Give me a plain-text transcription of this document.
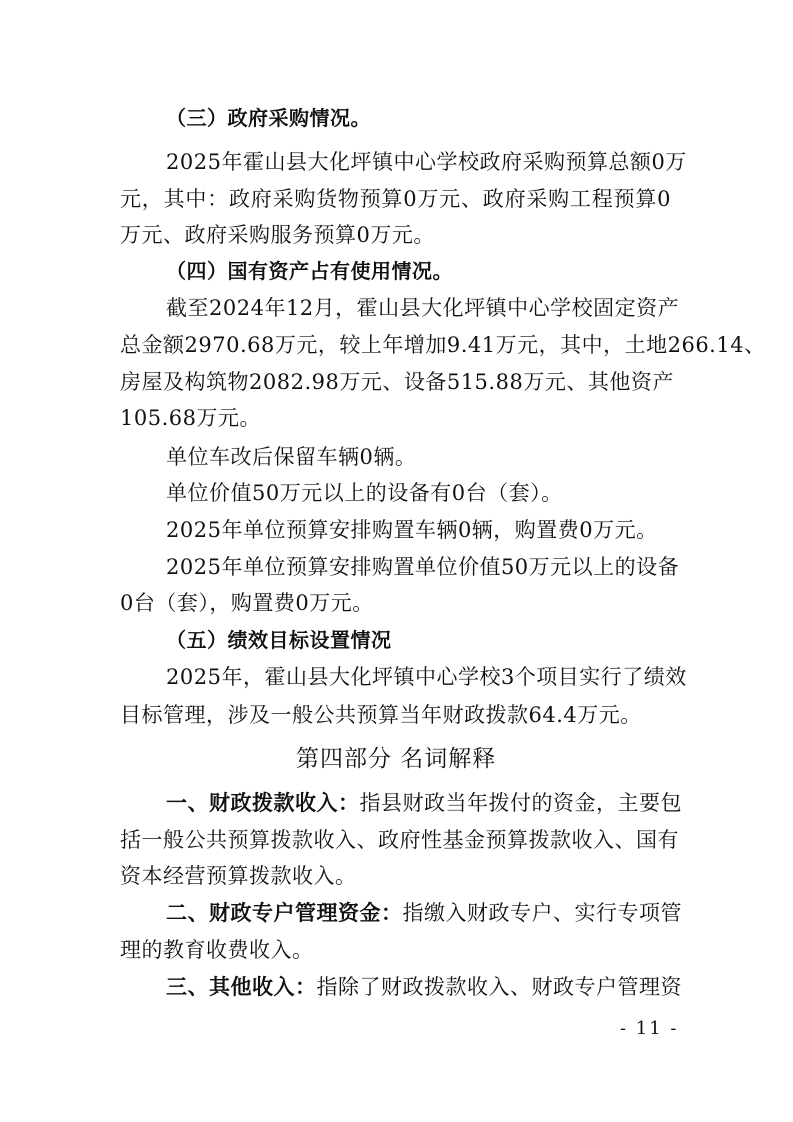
（三）政府采购情况。
2025年霍山县大化坪镇中心学校政府采购预算总额0万
元，其中：政府采购货物预算0万元、政府采购工程预算0
万元、政府采购服务预算0万元。
（四）国有资产占有使用情况。
截至2024年12月，霍山县大化坪镇中心学校固定资产
总金额2970.68万元，较上年增加9.41万元，其中，土地266.14、
房屋及构筑物2082.98万元、设备515.88万元、其他资产
105.68万元。
单位车改后保留车辆0辆。
单位价值50万元以上的设备有0台（套）。
2025年单位预算安排购置车辆0辆，购置费0万元。
2025年单位预算安排购置单位价值50万元以上的设备
0台（套），购置费0万元。
（五）绩效目标设置情况
2025年，霍山县大化坪镇中心学校3个项目实行了绩效
目标管理，涉及一般公共预算当年财政拨款64.4万元。
第四部分 名词解释
一、财政拨款收入：指县财政当年拨付的资金，主要包
括一般公共预算拨款收入、政府性基金预算拨款收入、国有
资本经营预算拨款收入。
二、财政专户管理资金：指缴入财政专户、实行专项管
理的教育收费收入。
三、其他收入：指除了财政拨款收入、财政专户管理资
- 11 -
